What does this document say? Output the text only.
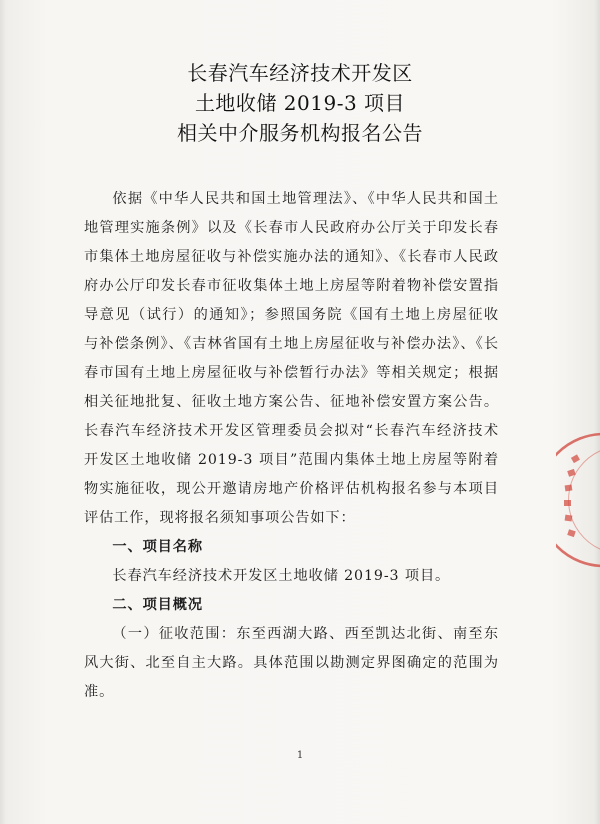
长春汽车经济技术开发区
土地收储 2019-3 项目
相关中介服务机构报名公告

依据《中华人民共和国土地管理法》、《中华人民共和国土地管理实施条例》以及《长春市人民政府办公厅关于印发长春市集体土地房屋征收与补偿实施办法的通知》、《长春市人民政府办公厅印发长春市征收集体土地上房屋等附着物补偿安置指导意见（试行）的通知》；参照国务院《国有土地上房屋征收与补偿条例》、《吉林省国有土地上房屋征收与补偿办法》、《长春市国有土地上房屋征收与补偿暂行办法》等相关规定；根据相关征地批复、征收土地方案公告、征地补偿安置方案公告。长春汽车经济技术开发区管理委员会拟对“长春汽车经济技术开发区土地收储 2019-3 项目”范围内集体土地上房屋等附着物实施征收，现公开邀请房地产价格评估机构报名参与本项目评估工作，现将报名须知事项公告如下：

一、项目名称

长春汽车经济技术开发区土地收储 2019-3 项目。

二、项目概况

（一）征收范围：东至西湖大路、西至凯达北街、南至东风大街、北至自主大路。具体范围以勘测定界图确定的范围为准。

1
